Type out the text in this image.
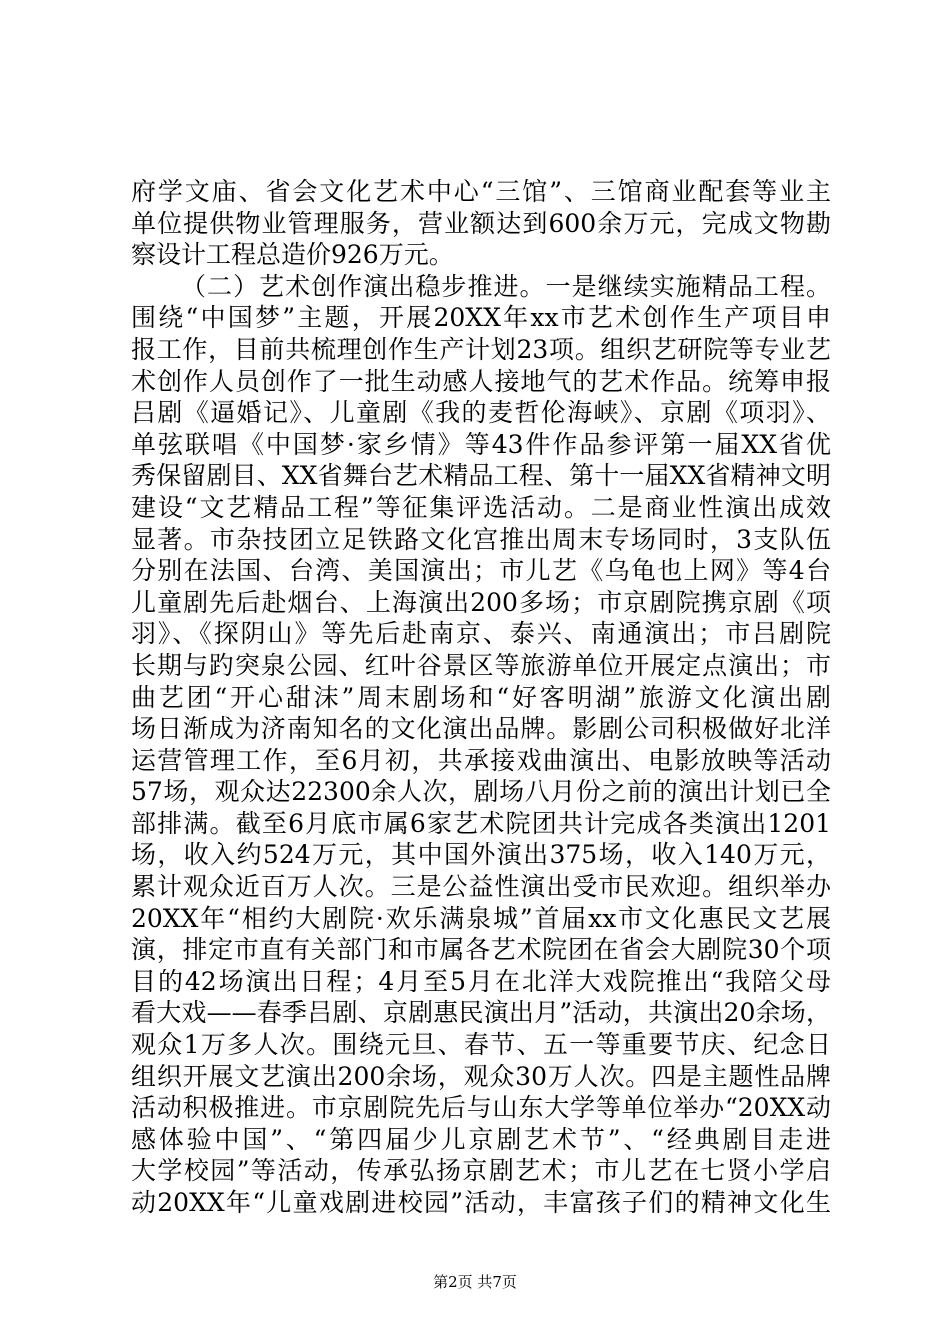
府学文庙、省会文化艺术中心“三馆”、三馆商业配套等业主
单位提供物业管理服务，营业额达到600余万元，完成文物勘
察设计工程总造价926万元。
（二）艺术创作演出稳步推进。一是继续实施精品工程。
围绕“中国梦”主题，开展20XX年xx市艺术创作生产项目申
报工作，目前共梳理创作生产计划23项。组织艺研院等专业艺
术创作人员创作了一批生动感人接地气的艺术作品。统筹申报
吕剧《逼婚记》、儿童剧《我的麦哲伦海峡》、京剧《项羽》、
单弦联唱《中国梦·家乡情》等43件作品参评第一届XX省优
秀保留剧目、XX省舞台艺术精品工程、第十一届XX省精神文明
建设“文艺精品工程”等征集评选活动。二是商业性演出成效
显著。市杂技团立足铁路文化宫推出周末专场同时，3支队伍
分别在法国、台湾、美国演出；市儿艺《乌龟也上网》等4台
儿童剧先后赴烟台、上海演出200多场；市京剧院携京剧《项
羽》、《探阴山》等先后赴南京、泰兴、南通演出；市吕剧院
长期与趵突泉公园、红叶谷景区等旅游单位开展定点演出；市
曲艺团“开心甜沫”周末剧场和“好客明湖”旅游文化演出剧
场日渐成为济南知名的文化演出品牌。影剧公司积极做好北洋
运营管理工作，至6月初，共承接戏曲演出、电影放映等活动
57场，观众达22300余人次，剧场八月份之前的演出计划已全
部排满。截至6月底市属6家艺术院团共计完成各类演出1201
场，收入约524万元，其中国外演出375场，收入140万元，
累计观众近百万人次。三是公益性演出受市民欢迎。组织举办
20XX年“相约大剧院·欢乐满泉城”首届xx市文化惠民文艺展
演，排定市直有关部门和市属各艺术院团在省会大剧院30个项
目的42场演出日程；4月至5月在北洋大戏院推出“我陪父母
看大戏——春季吕剧、京剧惠民演出月”活动，共演出20余场，
观众1万多人次。围绕元旦、春节、五一等重要节庆、纪念日
组织开展文艺演出200余场，观众30万人次。四是主题性品牌
活动积极推进。市京剧院先后与山东大学等单位举办“20XX动
感体验中国”、“第四届少儿京剧艺术节”、“经典剧目走进
大学校园”等活动，传承弘扬京剧艺术；市儿艺在七贤小学启
动20XX年“儿童戏剧进校园”活动，丰富孩子们的精神文化生
第2页 共7页
